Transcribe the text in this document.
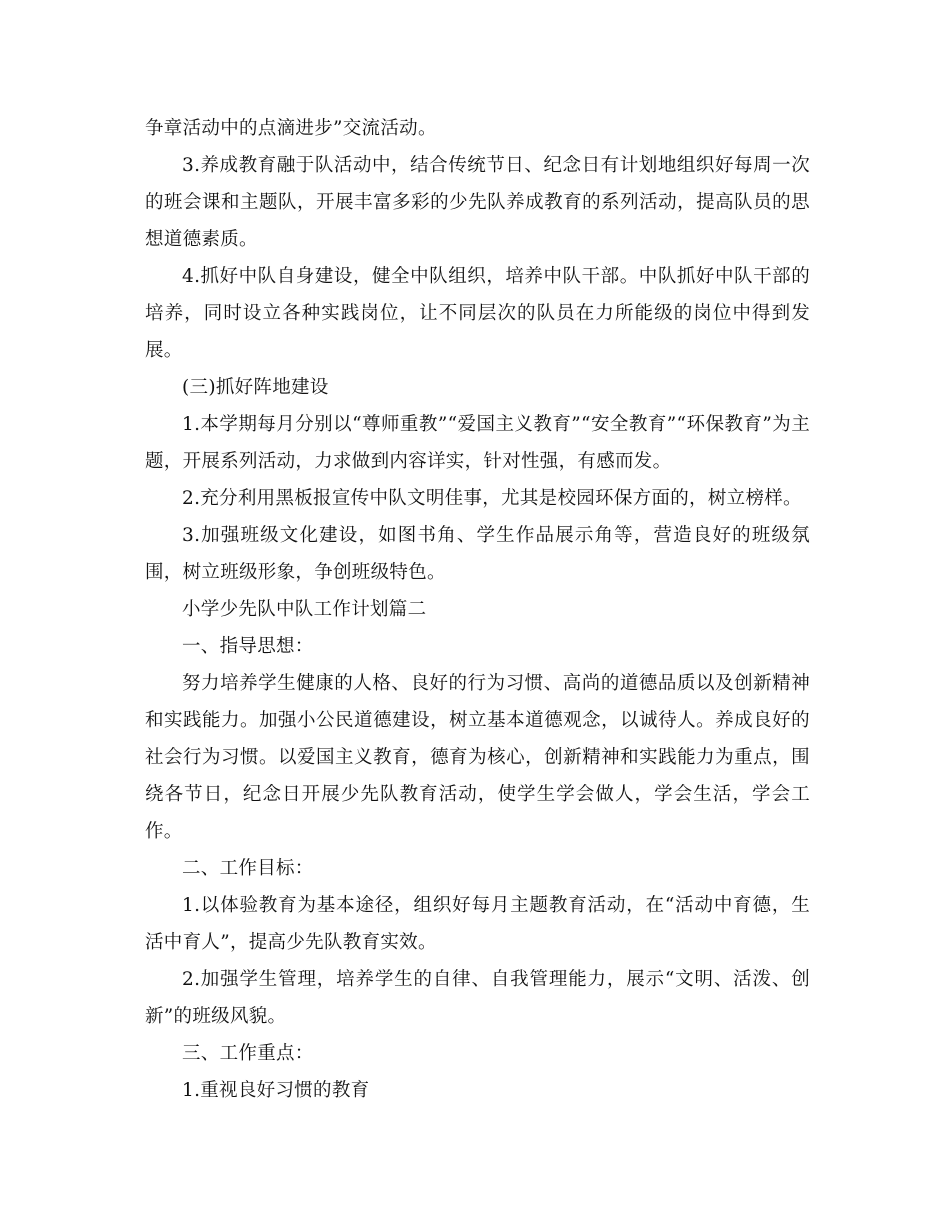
争章活动中的点滴进步”交流活动。

3.养成教育融于队活动中，结合传统节日、纪念日有计划地组织好每周一次的班会课和主题队，开展丰富多彩的少先队养成教育的系列活动，提高队员的思想道德素质。

4.抓好中队自身建设，健全中队组织，培养中队干部。中队抓好中队干部的培养，同时设立各种实践岗位，让不同层次的队员在力所能级的岗位中得到发展。

(三)抓好阵地建设

1.本学期每月分别以“尊师重教”“爱国主义教育”“安全教育”“环保教育”为主题，开展系列活动，力求做到内容详实，针对性强，有感而发。

2.充分利用黑板报宣传中队文明佳事，尤其是校园环保方面的，树立榜样。

3.加强班级文化建设，如图书角、学生作品展示角等，营造良好的班级氛围，树立班级形象，争创班级特色。

小学少先队中队工作计划篇二

一、指导思想：

努力培养学生健康的人格、良好的行为习惯、高尚的道德品质以及创新精神和实践能力。加强小公民道德建设，树立基本道德观念，以诚待人。养成良好的社会行为习惯。以爱国主义教育，德育为核心，创新精神和实践能力为重点，围绕各节日，纪念日开展少先队教育活动，使学生学会做人，学会生活，学会工作。

二、工作目标：

1.以体验教育为基本途径，组织好每月主题教育活动，在“活动中育德，生活中育人”，提高少先队教育实效。

2.加强学生管理，培养学生的自律、自我管理能力，展示“文明、活泼、创新”的班级风貌。

三、工作重点：

1.重视良好习惯的教育
